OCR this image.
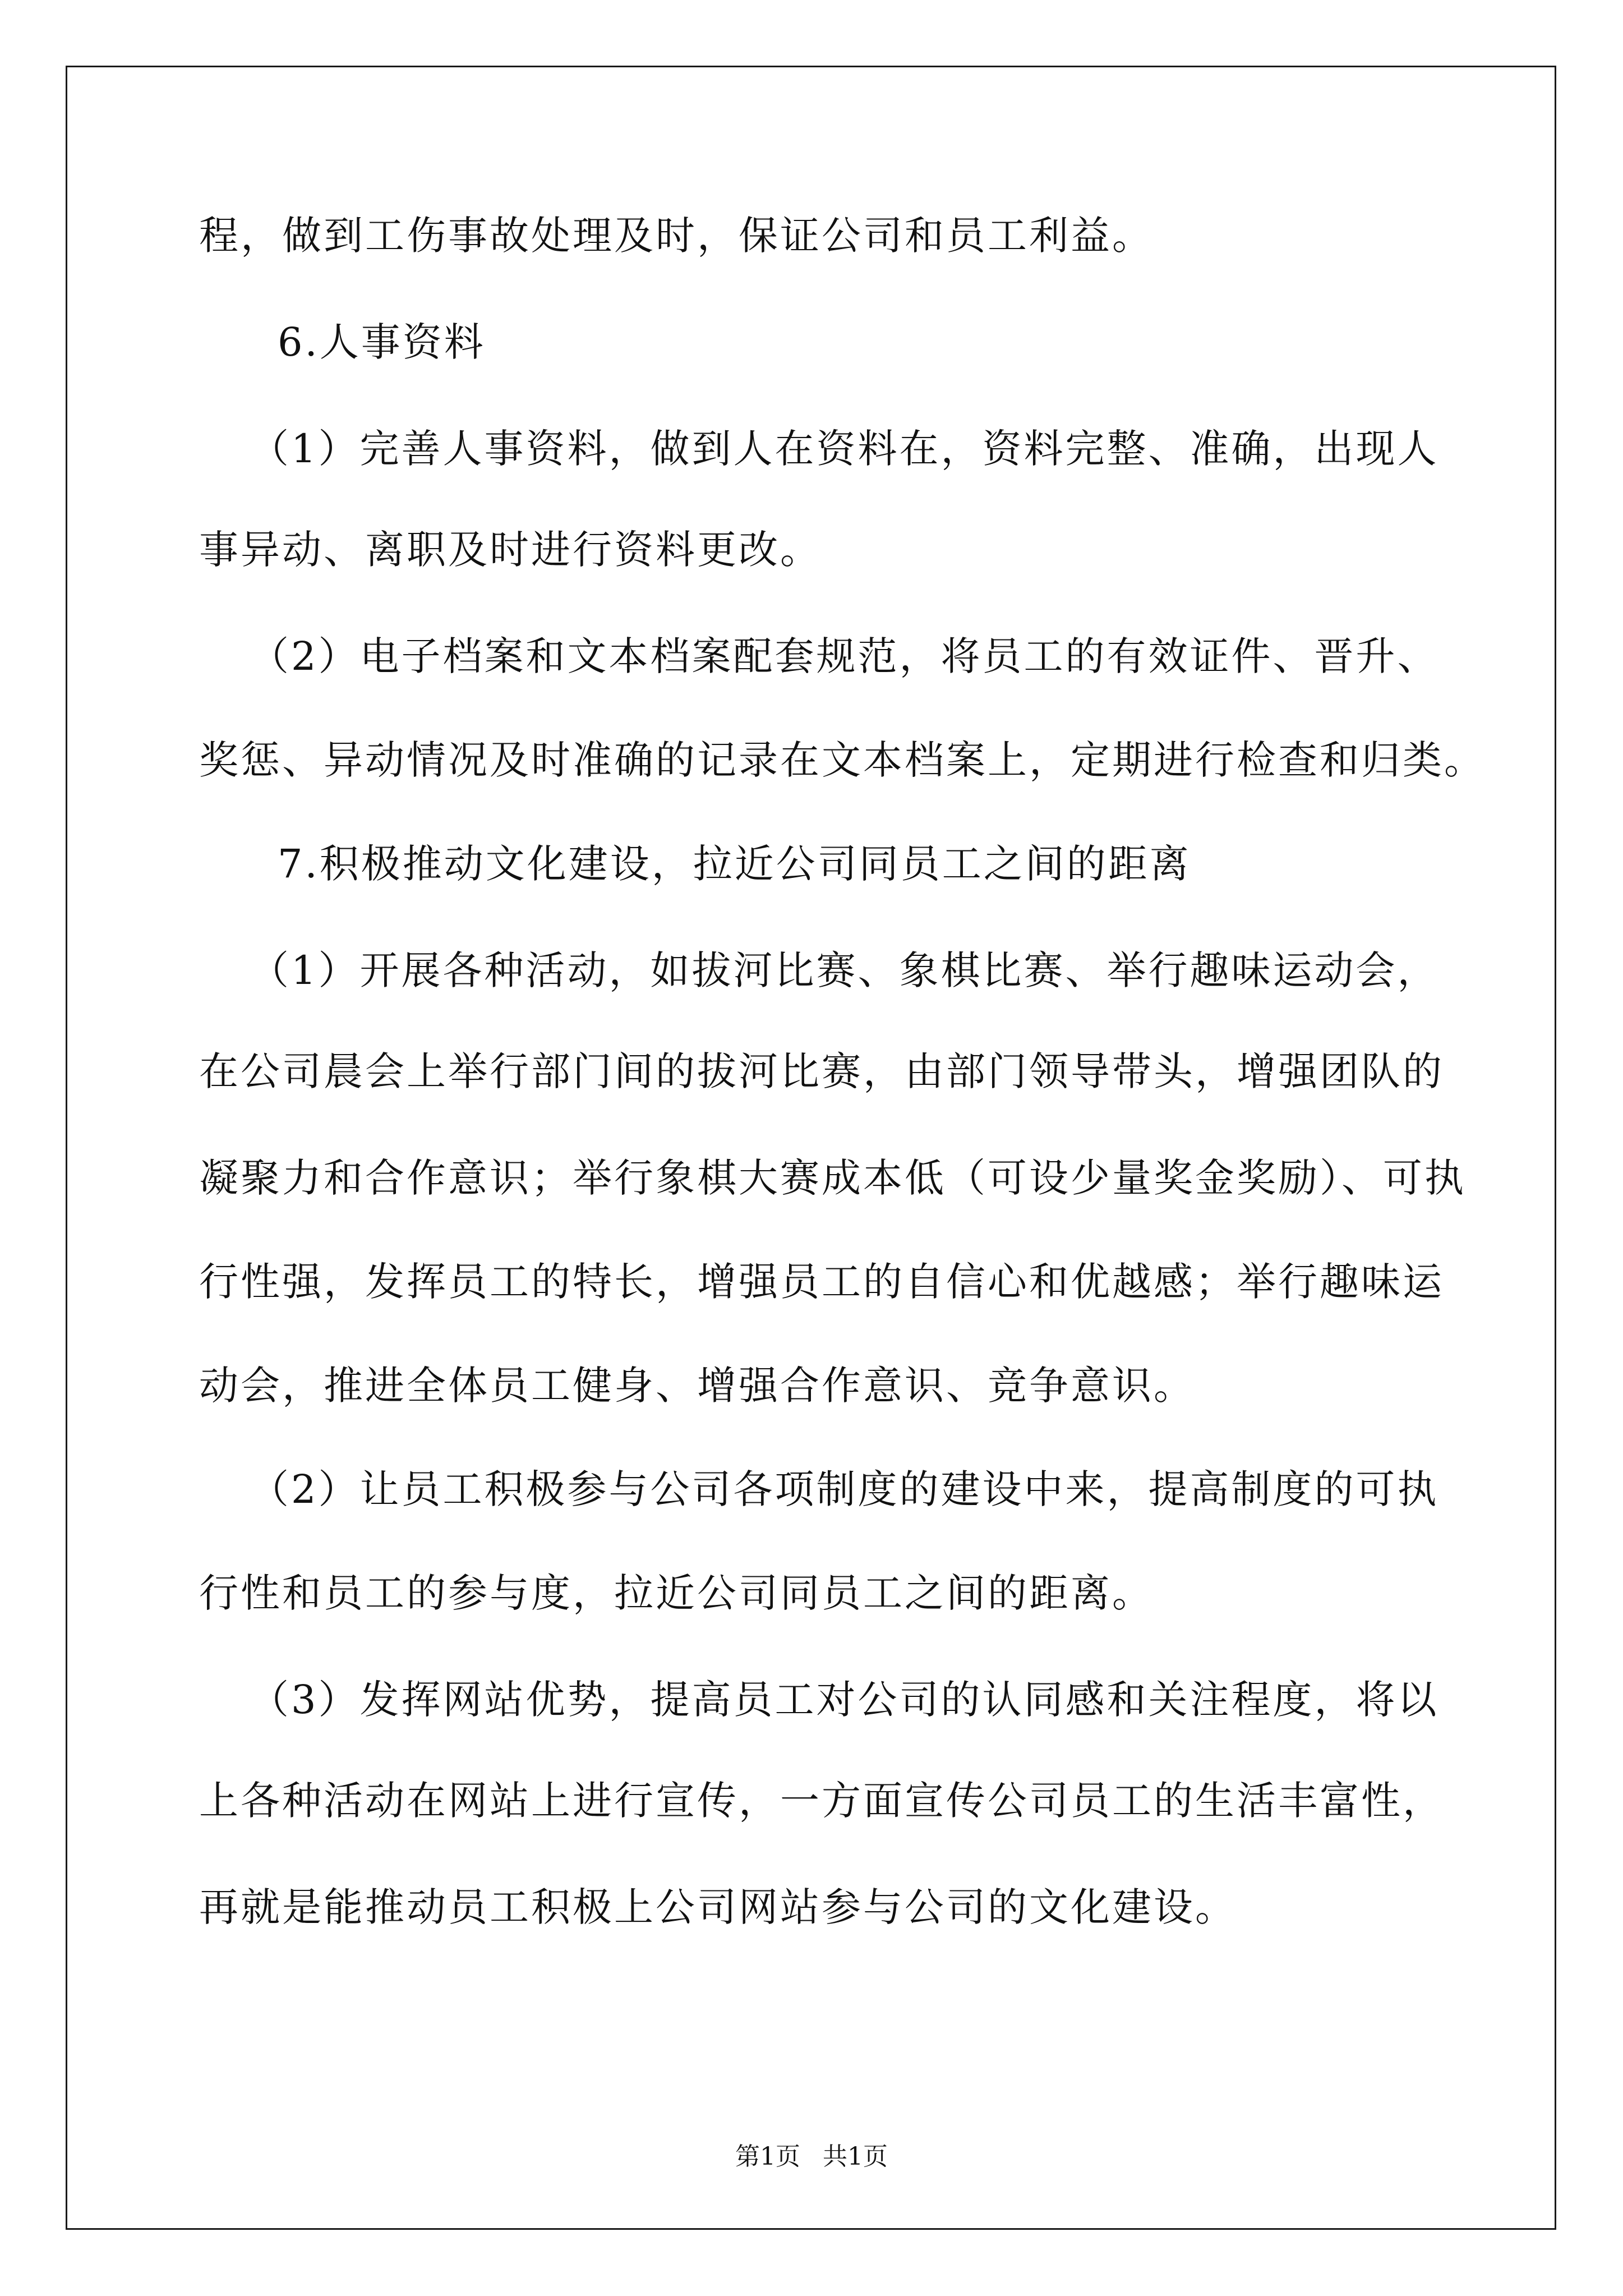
程，做到工伤事故处理及时，保证公司和员工利益。
6.人事资料
（1）完善人事资料，做到人在资料在，资料完整、准确，出现人
事异动、离职及时进行资料更改。
（2）电子档案和文本档案配套规范，将员工的有效证件、晋升、
奖惩、异动情况及时准确的记录在文本档案上，定期进行检查和归类。
7.积极推动文化建设，拉近公司同员工之间的距离
（1）开展各种活动，如拔河比赛、象棋比赛、举行趣味运动会，
在公司晨会上举行部门间的拔河比赛，由部门领导带头，增强团队的
凝聚力和合作意识；举行象棋大赛成本低（可设少量奖金奖励）、可执
行性强，发挥员工的特长，增强员工的自信心和优越感；举行趣味运
动会，推进全体员工健身、增强合作意识、竞争意识。
（2）让员工积极参与公司各项制度的建设中来，提高制度的可执
行性和员工的参与度，拉近公司同员工之间的距离。
（3）发挥网站优势，提高员工对公司的认同感和关注程度，将以
上各种活动在网站上进行宣传，一方面宣传公司员工的生活丰富性，
再就是能推动员工积极上公司网站参与公司的文化建设。
第1页 共1页
